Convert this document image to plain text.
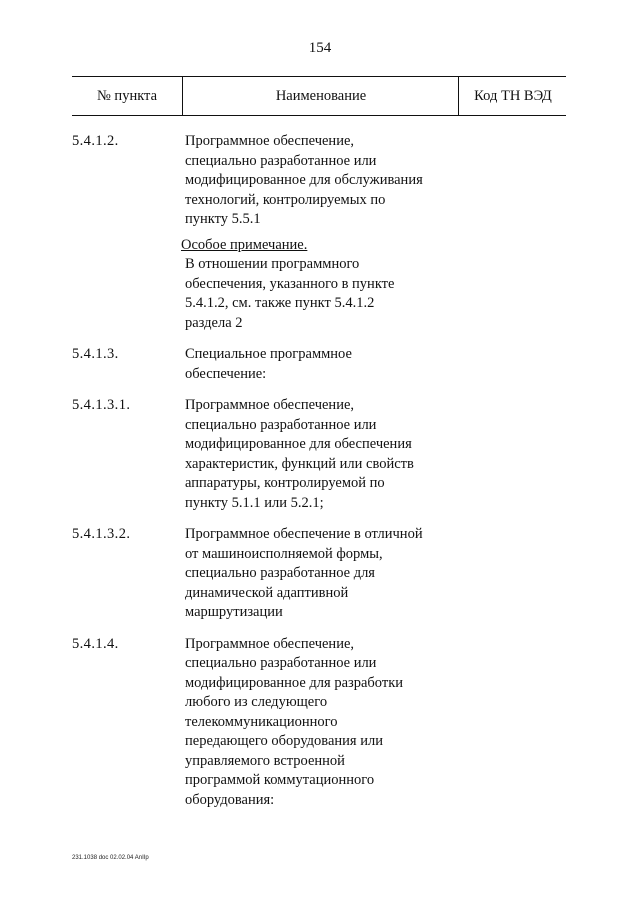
154
№ пункта	Наименование	Код ТН ВЭД
5.4.1.2.	Программное обеспечение,
специально разработанное или
модифицированное для обслуживания
технологий, контролируемых по
пункту 5.5.1
Особое примечание.
В отношении программного
обеспечения, указанного в пункте
5.4.1.2, см. также пункт 5.4.1.2
раздела 2
5.4.1.3.	Специальное программное
обеспечение:
5.4.1.3.1.	Программное обеспечение,
специально разработанное или
модифицированное для обеспечения
характеристик, функций или свойств
аппаратуры, контролируемой по
пункту 5.1.1 или 5.2.1;
5.4.1.3.2.	Программное обеспечение в отличной
от машиноисполняемой формы,
специально разработанное для
динамической адаптивной
маршрутизации
5.4.1.4.	Программное обеспечение,
специально разработанное или
модифицированное для разработки
любого из следующего
телекоммуникационного
передающего оборудования или
управляемого встроенной
программой коммутационного
оборудования:
231.1038 doc 02.02.04 AnIIp
